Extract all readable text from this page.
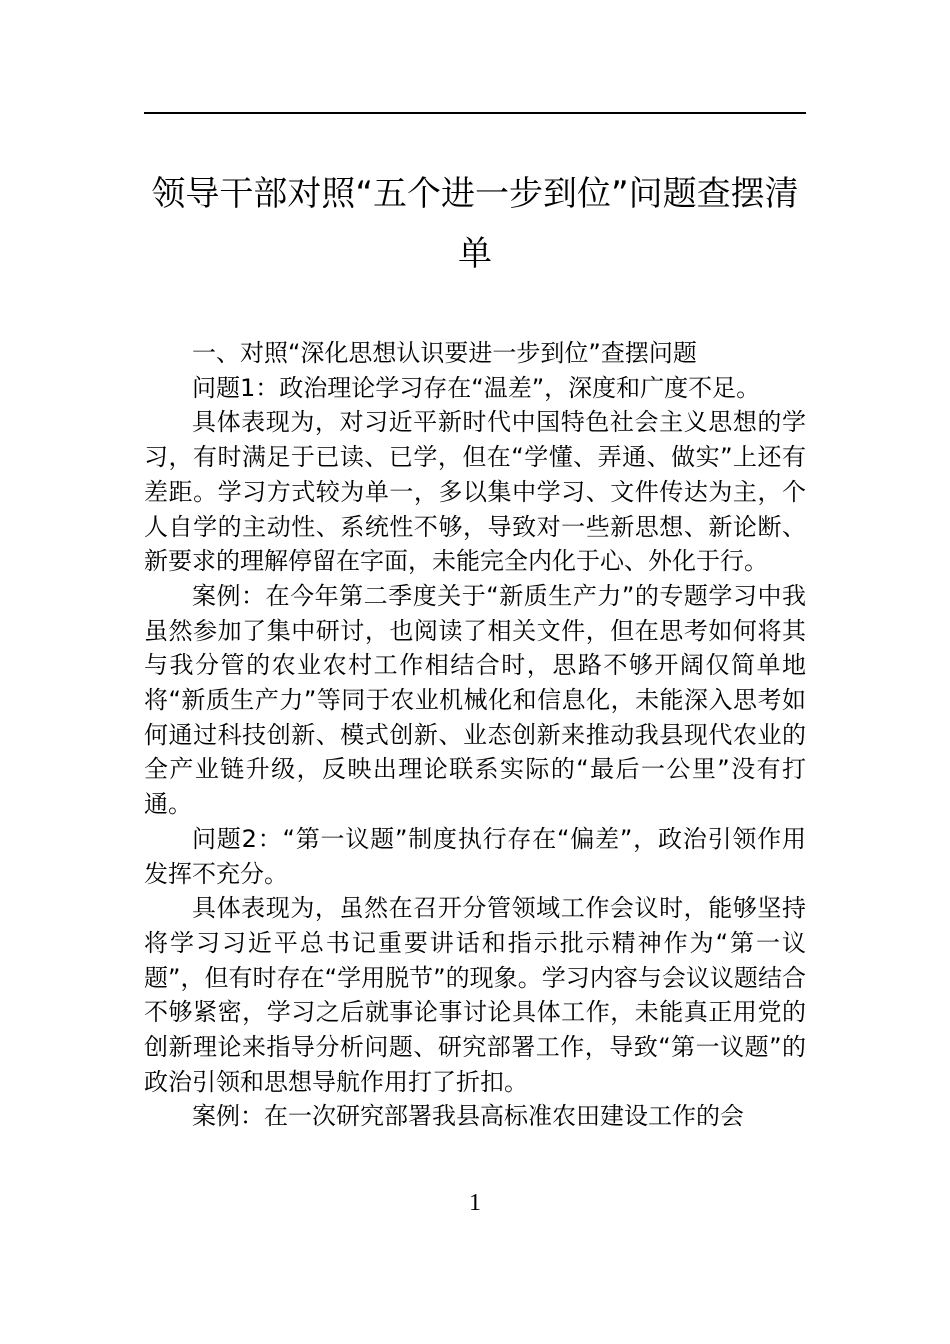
领导干部对照“五个进一步到位”问题查摆清单

一、对照“深化思想认识要进一步到位”查摆问题

问题1：政治理论学习存在“温差”，深度和广度不足。

具体表现为，对习近平新时代中国特色社会主义思想的学习，有时满足于已读、已学，但在“学懂、弄通、做实”上还有差距。学习方式较为单一，多以集中学习、文件传达为主，个人自学的主动性、系统性不够，导致对一些新思想、新论断、新要求的理解停留在字面，未能完全内化于心、外化于行。

案例：在今年第二季度关于“新质生产力”的专题学习中我虽然参加了集中研讨，也阅读了相关文件，但在思考如何将其与我分管的农业农村工作相结合时，思路不够开阔仅简单地将“新质生产力”等同于农业机械化和信息化，未能深入思考如何通过科技创新、模式创新、业态创新来推动我县现代农业的全产业链升级，反映出理论联系实际的“最后一公里”没有打通。

问题2：“第一议题”制度执行存在“偏差”，政治引领作用发挥不充分。

具体表现为，虽然在召开分管领域工作会议时，能够坚持将学习习近平总书记重要讲话和指示批示精神作为“第一议题”，但有时存在“学用脱节”的现象。学习内容与会议议题结合不够紧密，学习之后就事论事讨论具体工作，未能真正用党的创新理论来指导分析问题、研究部署工作，导致“第一议题”的政治引领和思想导航作用打了折扣。

案例：在一次研究部署我县高标准农田建设工作的会

1
